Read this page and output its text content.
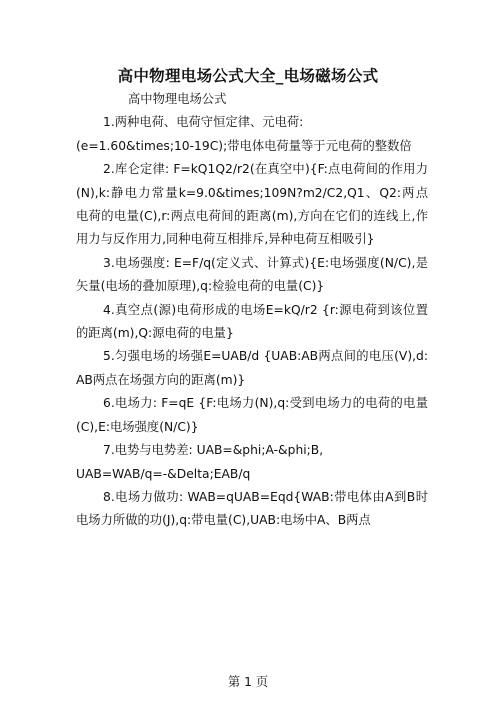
高中物理电场公式大全_电场磁场公式

高中物理电场公式

1.两种电荷、电荷守恒定律、元电荷:

(e=1.60&times;10-19C);带电体电荷量等于元电荷的整数倍

2.库仑定律: F=kQ1Q2/r2(在真空中){F:点电荷间的作用力(N),k:静电力常量k=9.0&times;109N?m2/C2,Q1、Q2:两点电荷的电量(C),r:两点电荷间的距离(m),方向在它们的连线上,作用力与反作用力,同种电荷互相排斥,异种电荷互相吸引}

3.电场强度: E=F/q(定义式、计算式){E:电场强度(N/C),是矢量(电场的叠加原理),q:检验电荷的电量(C)}

4.真空点(源)电荷形成的电场E=kQ/r2 {r:源电荷到该位置的距离(m),Q:源电荷的电量}

5.匀强电场的场强E=UAB/d {UAB:AB两点间的电压(V),d:AB两点在场强方向的距离(m)}

6.电场力: F=qE {F:电场力(N),q:受到电场力的电荷的电量(C),E:电场强度(N/C)}

7.电势与电势差: UAB=&phi;A-&phi;B,

UAB=WAB/q=-&Delta;EAB/q

8.电场力做功: WAB=qUAB=Eqd{WAB:带电体由A到B时电场力所做的功(J),q:带电量(C),UAB:电场中A、B两点

第 1 页
